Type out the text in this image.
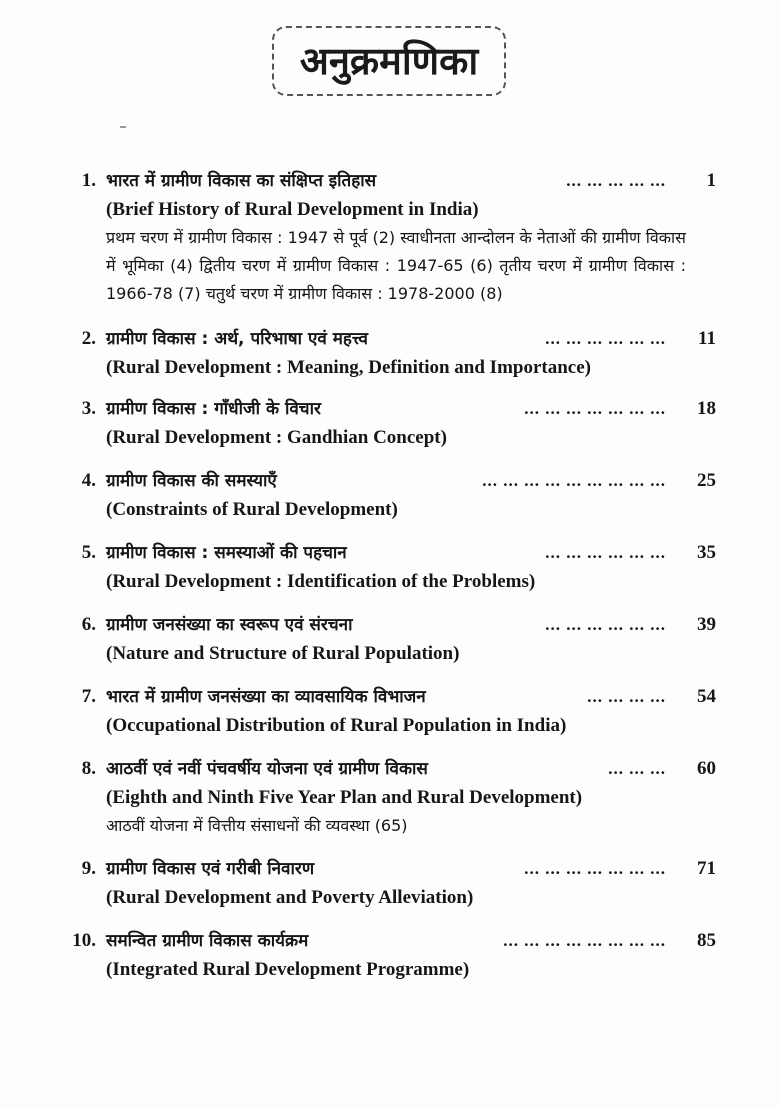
अनुक्रमणिका
1. भारत में ग्रामीण विकास का संक्षिप्त इतिहास	... ... ... ... ...	1
(Brief History of Rural Development in India)
प्रथम चरण में ग्रामीण विकास : 1947 से पूर्व (2) स्वाधीनता आन्दोलन के नेताओं की ग्रामीण विकास में भूमिका (4) द्वितीय चरण में ग्रामीण विकास : 1947-65 (6) तृतीय चरण में ग्रामीण विकास : 1966-78 (7) चतुर्थ चरण में ग्रामीण विकास : 1978-2000 (8)
2. ग्रामीण विकास : अर्थ, परिभाषा एवं महत्त्व	... ... ... ... ... ...	11
(Rural Development : Meaning, Definition and Importance)
3. ग्रामीण विकास : गाँधीजी के विचार	... ... ... ... ... ... ...	18
(Rural Development : Gandhian Concept)
4. ग्रामीण विकास की समस्याएँ	... ... ... ... ... ... ... ... ...	25
(Constraints of Rural Development)
5. ग्रामीण विकास : समस्याओं की पहचान	... ... ... ... ... ...	35
(Rural Development : Identification of the Problems)
6. ग्रामीण जनसंख्या का स्वरूप एवं संरचना	... ... ... ... ... ...	39
(Nature and Structure of Rural Population)
7. भारत में ग्रामीण जनसंख्या का व्यावसायिक विभाजन	... ... ... ...	54
(Occupational Distribution of Rural Population in India)
8. आठवीं एवं नवीं पंचवर्षीय योजना एवं ग्रामीण विकास	... ... ...	60
(Eighth and Ninth Five Year Plan and Rural Development)
आठवीं योजना में वित्तीय संसाधनों की व्यवस्था (65)
9. ग्रामीण विकास एवं गरीबी निवारण	... ... ... ... ... ... ...	71
(Rural Development and Poverty Alleviation)
10. समन्वित ग्रामीण विकास कार्यक्रम	... ... ... ... ... ... ... ...	85
(Integrated Rural Development Programme)
